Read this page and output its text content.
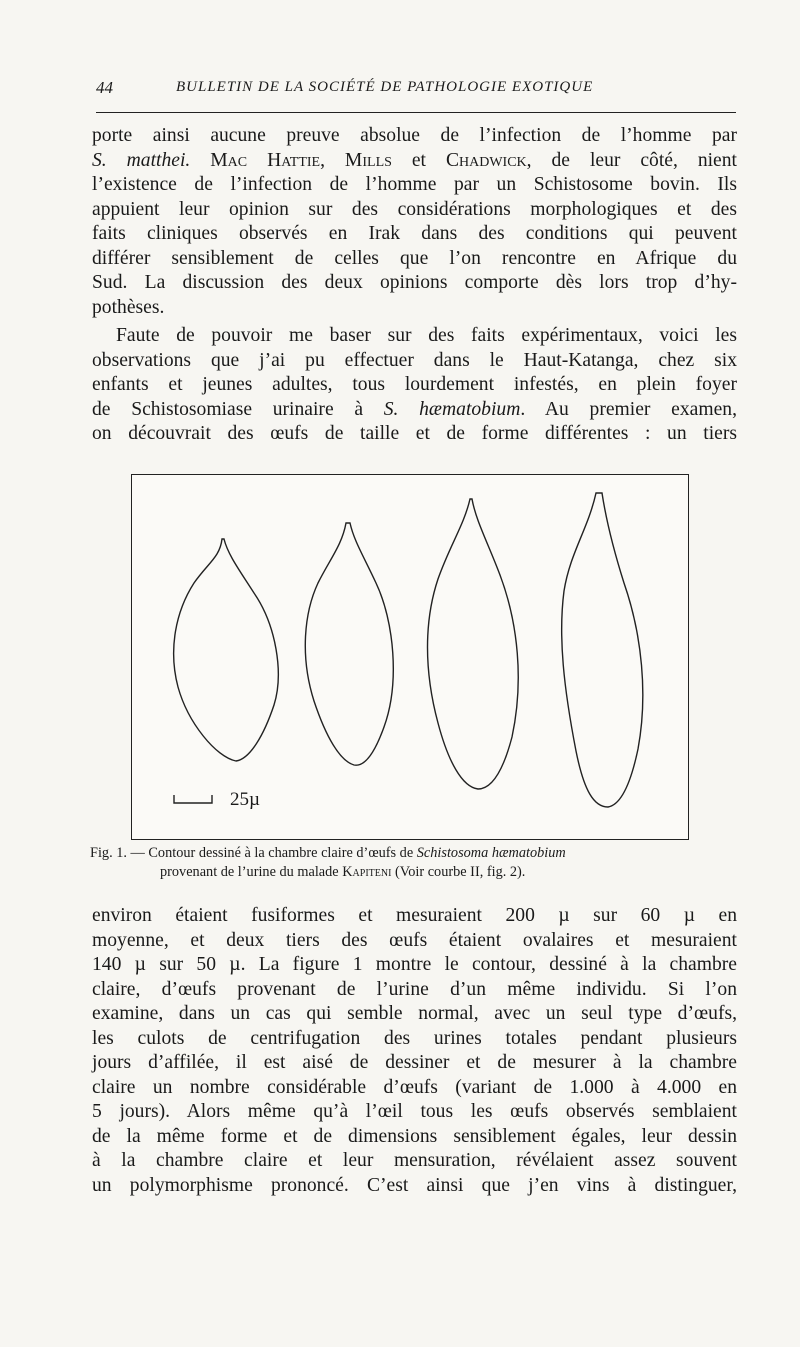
44	BULLETIN DE LA SOCIÉTÉ DE PATHOLOGIE EXOTIQUE
porte ainsi aucune preuve absolue de l’infection de l’homme par
S. matthei. Mac Hattie, Mills et Chadwick, de leur côté, nient
l’existence de l’infection de l’homme par un Schistosome bovin. Ils
appuient leur opinion sur des considérations morphologiques et des
faits cliniques observés en Irak dans des conditions qui peuvent
différer sensiblement de celles que l’on rencontre en Afrique du
Sud. La discussion des deux opinions comporte dès lors trop d’hy-
pothèses.
Faute de pouvoir me baser sur des faits expérimentaux, voici les
observations que j’ai pu effectuer dans le Haut-Katanga, chez six
enfants et jeunes adultes, tous lourdement infestés, en plein foyer
de Schistosomiase urinaire à S. hæmatobium. Au premier examen,
on découvrait des œufs de taille et de forme différentes : un tiers
25µ
Fig. 1. — Contour dessiné à la chambre claire d’œufs de Schistosoma hæmatobium
provenant de l’urine du malade Kapiteni (Voir courbe II, fig. 2).
environ étaient fusiformes et mesuraient 200 µ sur 60 µ en
moyenne, et deux tiers des œufs étaient ovalaires et mesuraient
140 µ sur 50 µ. La figure 1 montre le contour, dessiné à la chambre
claire, d’œufs provenant de l’urine d’un même individu. Si l’on
examine, dans un cas qui semble normal, avec un seul type d’œufs,
les culots de centrifugation des urines totales pendant plusieurs
jours d’affilée, il est aisé de dessiner et de mesurer à la chambre
claire un nombre considérable d’œufs (variant de 1.000 à 4.000 en
5 jours). Alors même qu’à l’œil tous les œufs observés semblaient
de la même forme et de dimensions sensiblement égales, leur dessin
à la chambre claire et leur mensuration, révélaient assez souvent
un polymorphisme prononcé. C’est ainsi que j’en vins à distinguer,
